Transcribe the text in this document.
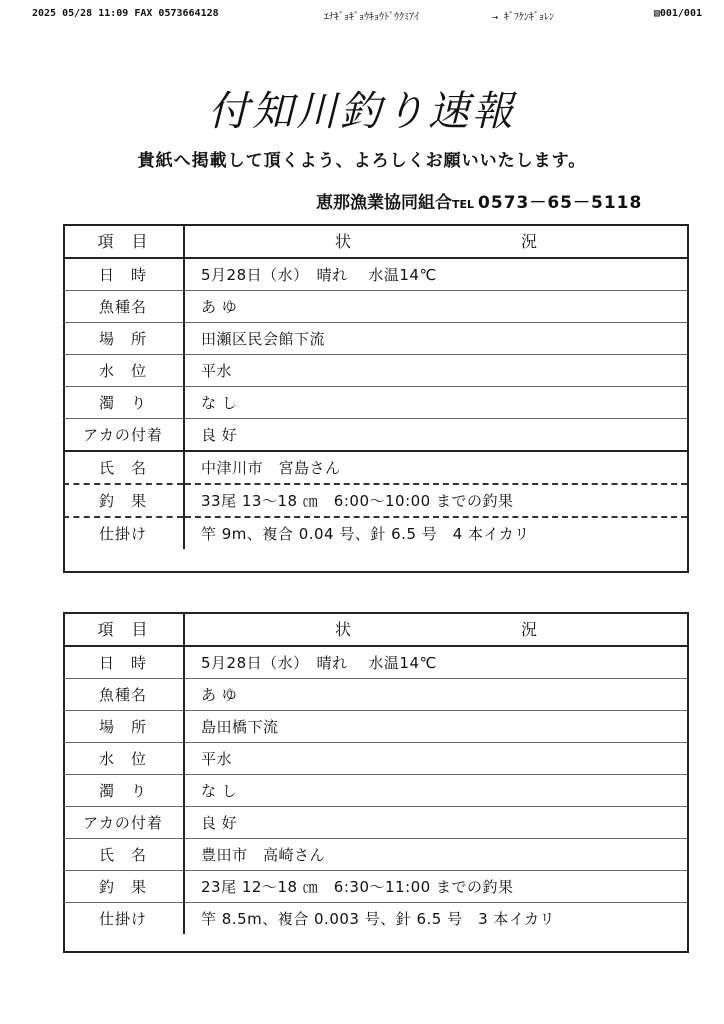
2025 05/28 11:09 FAX 0573664128	ｴﾅｷﾞｮｷﾞｮｳｷｮｳﾄﾞｳｸﾐｱｲ	→ ｷﾞﾌｹﾝｷﾞｮﾚﾝ	▧001/001
付知川釣り速報
貴紙へ掲載して頂くよう、よろしくお願いいたします。
恵那漁業協同組合TEL 0573－65－5118
項　目	状 況

日　時	5月28日（水）　晴れ　 水温14℃
魚種名	あ ゆ
場　所	田瀬区民会館下流
水　位	平水
濁　り	な し
アカの付着	良 好
氏　名	中津川市　宮島さん
釣　果	33尾 13～18 ㎝　6:00～10:00 までの釣果
仕掛け	竿 9m、複合 0.04 号、針 6.5 号　4 本イカリ
項　目	状 況

日　時	5月28日（水）　晴れ　 水温14℃
魚種名	あ ゆ
場　所	島田橋下流
水　位	平水
濁　り	な し
アカの付着	良 好
氏　名	豊田市　高崎さん
釣　果	23尾 12～18 ㎝　6:30～11:00 までの釣果
仕掛け	竿 8.5m、複合 0.003 号、針 6.5 号　3 本イカリ
